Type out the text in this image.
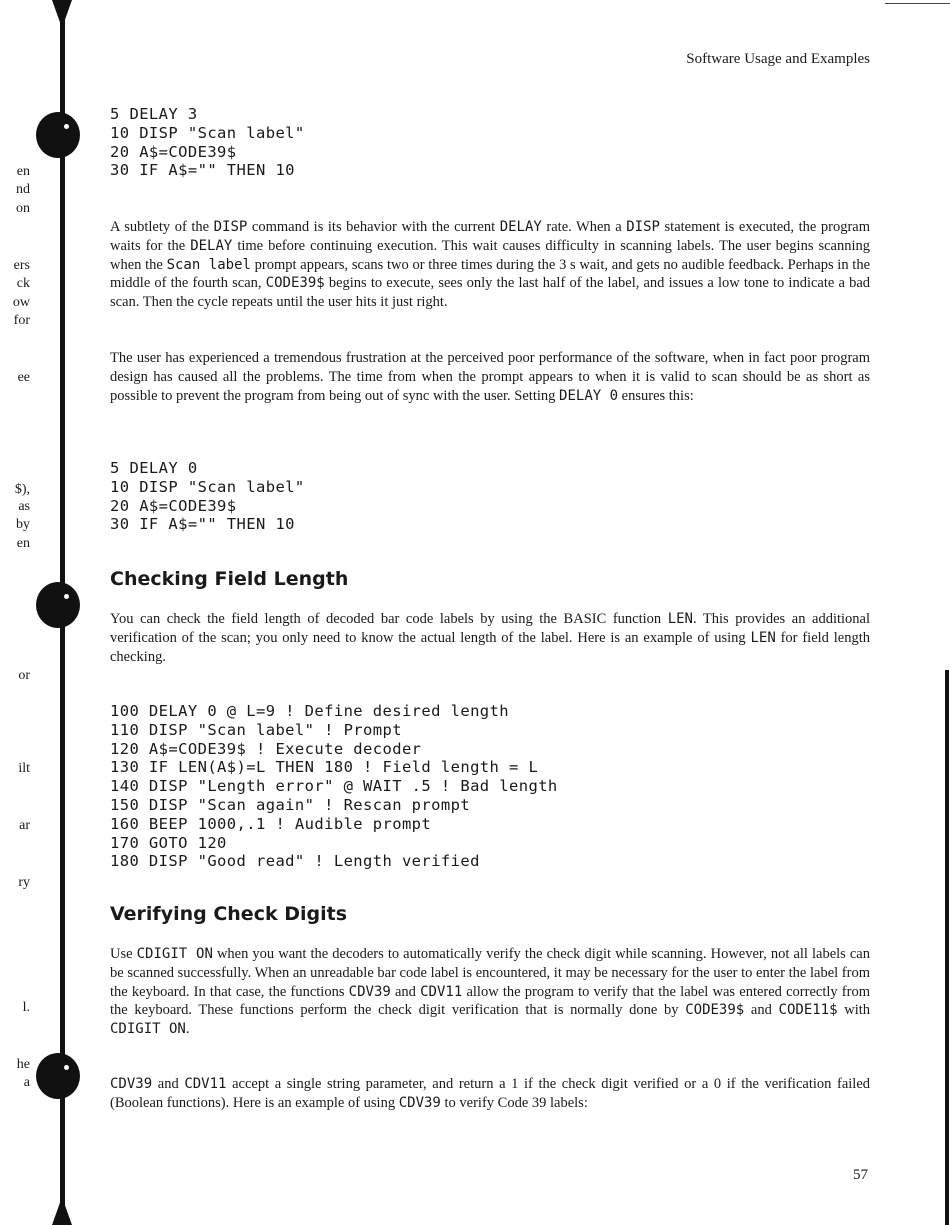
en
nd
on
ers
ck
ow
for
ee
$),
as
by
en
or
ilt
ar
ry
l.
he
a
Software Usage and Examples
5 DELAY 3
10 DISP "Scan label"
20 A$=CODE39$
30 IF A$="" THEN 10

A subtlety of the DISP command is its behavior with the current DELAY rate. When a DISP statement is executed, the program waits for the DELAY time before continuing execution. This wait causes difficulty in scanning labels. The user begins scanning when the Scan label prompt appears, scans two or three times during the 3 s wait, and gets no audible feedback. Perhaps in the middle of the fourth scan, CODE39$ begins to execute, sees only the last half of the label, and issues a low tone to indicate a bad scan. Then the cycle repeats until the user hits it just right.

The user has experienced a tremendous frustration at the perceived poor performance of the software, when in fact poor program design has caused all the problems. The time from when the prompt appears to when it is valid to scan should be as short as possible to prevent the program from being out of sync with the user. Setting DELAY 0 ensures this:

5 DELAY 0
10 DISP "Scan label"
20 A$=CODE39$
30 IF A$="" THEN 10
Checking Field Length

You can check the field length of decoded bar code labels by using the BASIC function LEN. This provides an additional verification of the scan; you only need to know the actual length of the label. Here is an example of using LEN for field length checking.

100 DELAY 0 @ L=9 ! Define desired length
110 DISP "Scan label" ! Prompt
120 A$=CODE39$ ! Execute decoder
130 IF LEN(A$)=L THEN 180 ! Field length = L
140 DISP "Length error" @ WAIT .5 ! Bad length
150 DISP "Scan again" ! Rescan prompt
160 BEEP 1000,.1 ! Audible prompt
170 GOTO 120
180 DISP "Good read" ! Length verified
Verifying Check Digits

Use CDIGIT ON when you want the decoders to automatically verify the check digit while scanning. However, not all labels can be scanned successfully. When an unreadable bar code label is encountered, it may be necessary for the user to enter the label from the keyboard. In that case, the functions CDV39 and CDV11 allow the program to verify that the label was entered correctly from the keyboard. These functions perform the check digit verification that is normally done by CODE39$ and CODE11$ with CDIGIT ON.

CDV39 and CDV11 accept a single string parameter, and return a 1 if the check digit verified or a 0 if the verification failed (Boolean functions). Here is an example of using CDV39 to verify Code 39 labels:

57
